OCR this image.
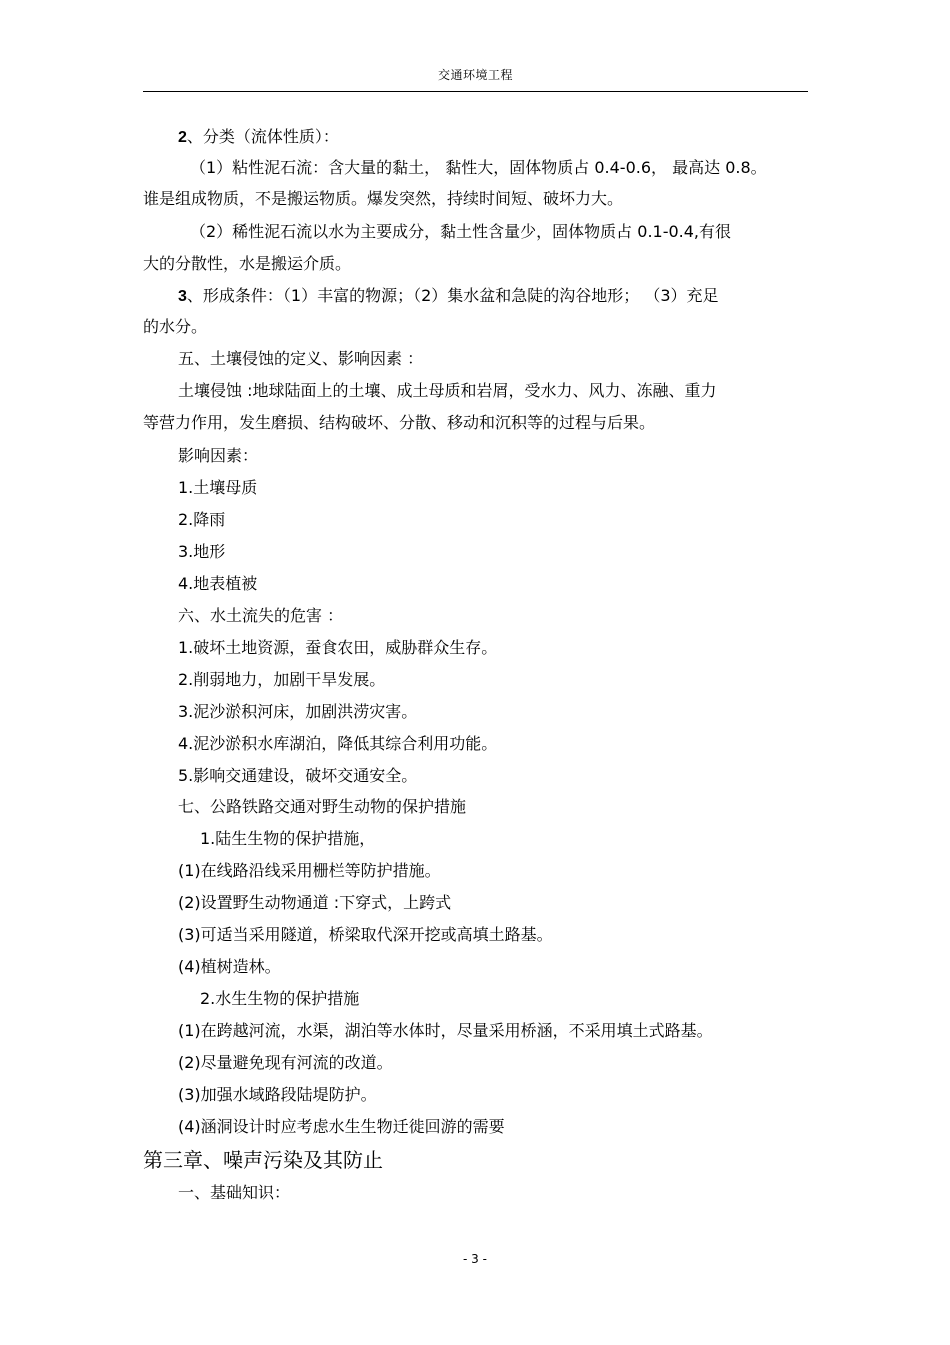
交通环境工程
2、分类（流体性质）：
（1）粘性泥石流：含大量的黏土， 黏性大，固体物质占 0.4-0.6， 最高达 0.8。
谁是组成物质，不是搬运物质。爆发突然，持续时间短、破坏力大。
（2）稀性泥石流以水为主要成分，黏土性含量少，固体物质占 0.1-0.4,有很
大的分散性，水是搬运介质。
3、形成条件：（1）丰富的物源；（2）集水盆和急陡的沟谷地形； （3）充足
的水分。
五、土壤侵蚀的定义、影响因素 ：
土壤侵蚀 :地球陆面上的土壤、成土母质和岩屑，受水力、风力、冻融、重力
等营力作用，发生磨损、结构破坏、分散、移动和沉积等的过程与后果。
影响因素：
1.土壤母质
2.降雨
3.地形
4.地表植被
六、水土流失的危害 ：
1.破坏土地资源，蚕食农田，威胁群众生存。
2.削弱地力，加剧干旱发展。
3.泥沙淤积河床，加剧洪涝灾害。
4.泥沙淤积水库湖泊，降低其综合利用功能。
5.影响交通建设，破坏交通安全。
七、公路铁路交通对野生动物的保护措施
1.陆生生物的保护措施，
(1)在线路沿线采用栅栏等防护措施。
(2)设置野生动物通道 :下穿式，上跨式
(3)可适当采用隧道，桥梁取代深开挖或高填土路基。
(4)植树造林。
2.水生生物的保护措施
(1)在跨越河流，水渠，湖泊等水体时，尽量采用桥涵，不采用填土式路基。
(2)尽量避免现有河流的改道。
(3)加强水域路段陆堤防护。
(4)涵洞设计时应考虑水生生物迁徙回游的需要
第三章、噪声污染及其防止
一、基础知识：
- 3 -
